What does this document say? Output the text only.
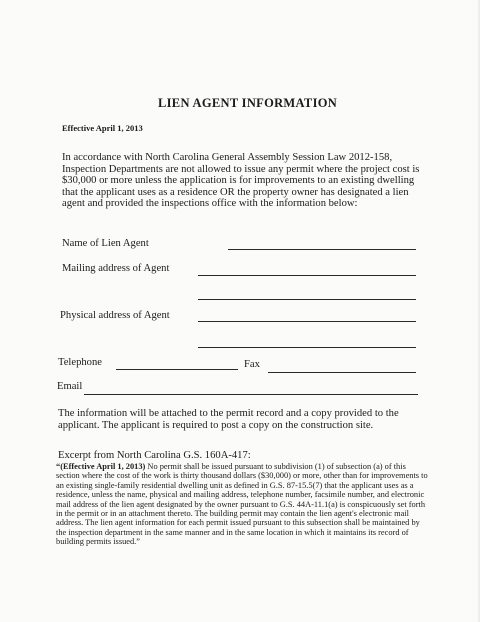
LIEN AGENT INFORMATION
Effective April 1, 2013
In accordance with North Carolina General Assembly Session Law 2012-158, Inspection Departments are not allowed to issue any permit where the project cost is $30,000 or more unless the application is for improvements to an existing dwelling that the applicant uses as a residence OR the property owner has designated a lien agent and provided the inspections office with the information below:
Name of Lien Agent
Mailing address of Agent
Physical address of Agent
Telephone	Fax
Email
The information will be attached to the permit record and a copy provided to the applicant. The applicant is required to post a copy on the construction site.
Excerpt from North Carolina G.S. 160A-417:
“(Effective April 1, 2013) No permit shall be issued pursuant to subdivision (1) of subsection (a) of this section where the cost of the work is thirty thousand dollars ($30,000) or more, other than for improvements to an existing single-family residential dwelling unit as defined in G.S. 87-15.5(7) that the applicant uses as a residence, unless the name, physical and mailing address, telephone number, facsimile number, and electronic mail address of the lien agent designated by the owner pursuant to G.S. 44A-11.1(a) is conspicuously set forth in the permit or in an attachment thereto. The building permit may contain the lien agent's electronic mail address. The lien agent information for each permit issued pursuant to this subsection shall be maintained by the inspection department in the same manner and in the same location in which it maintains its record of building permits issued.”
